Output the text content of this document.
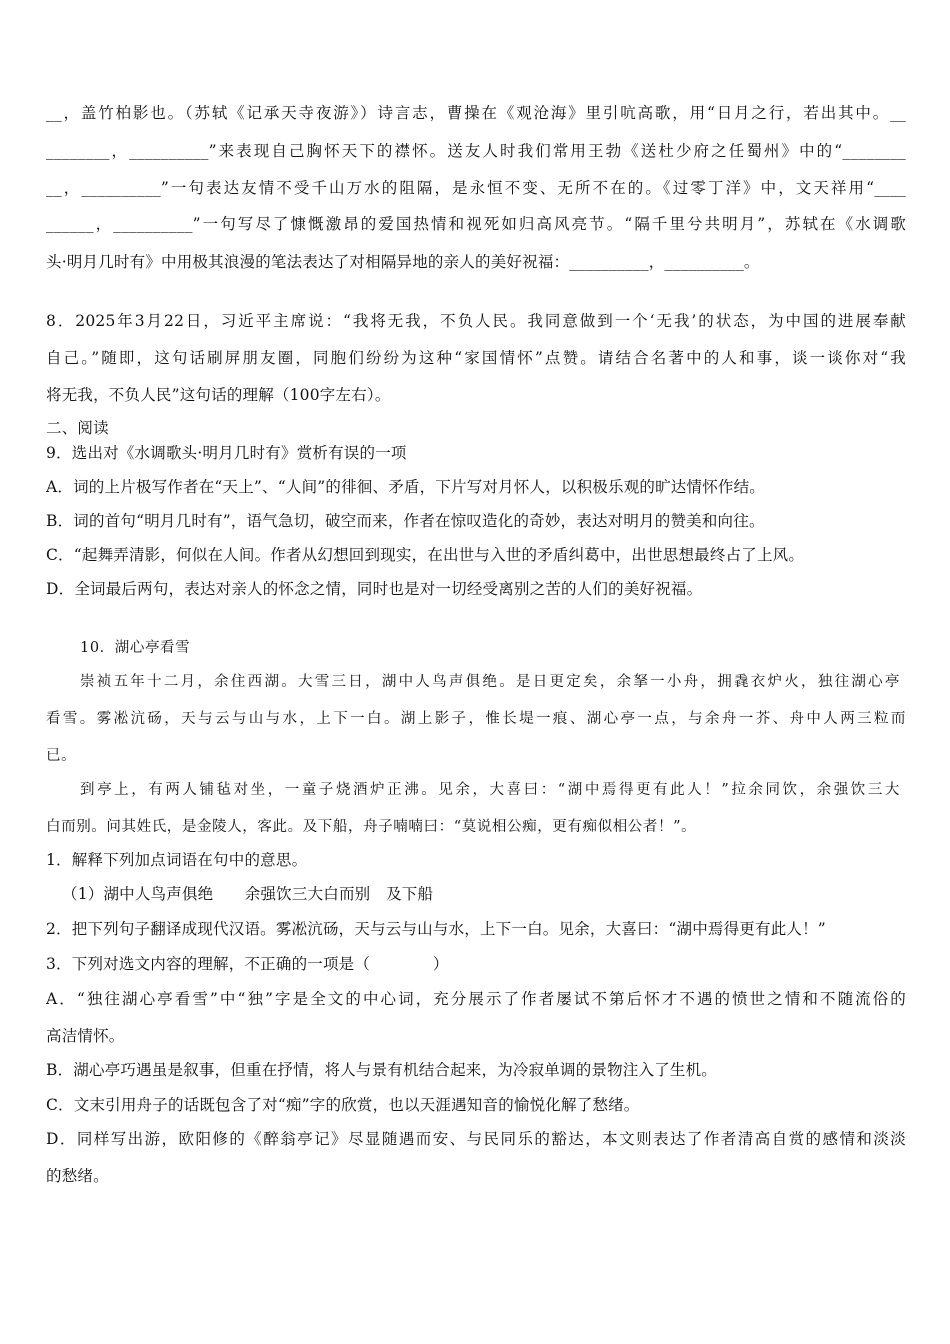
__，盖竹柏影也。（苏轼《记承天寺夜游》）诗言志，曹操在《观沧海》里引吭高歌，用“日月之行，若出其中。__
________，__________”来表现自己胸怀天下的襟怀。送友人时我们常用王勃《送杜少府之任蜀州》中的“________
__，__________”一句表达友情不受千山万水的阻隔，是永恒不变、无所不在的。《过零丁洋》中，文天祥用“____
______，__________”一句写尽了慷慨激昂的爱国热情和视死如归高风亮节。“隔千里兮共明月”，苏轼在《水调歌
头·明月几时有》中用极其浪漫的笔法表达了对相隔异地的亲人的美好祝福：__________，__________。
8．2025年3月22日，习近平主席说：“我将无我，不负人民。我同意做到一个‘无我’的状态，为中国的进展奉献
自己。”随即，这句话刷屏朋友圈，同胞们纷纷为这种“家国情怀”点赞。请结合名著中的人和事，谈一谈你对“我
将无我，不负人民”这句话的理解（100字左右）。
二、阅读
9．选出对《水调歌头·明月几时有》赏析有误的一项
A．词的上片极写作者在“天上”、“人间”的徘徊、矛盾，下片写对月怀人，以积极乐观的旷达情怀作结。
B．词的首句“明月几时有”，语气急切，破空而来，作者在惊叹造化的奇妙，表达对明月的赞美和向往。
C．“起舞弄清影，何似在人间。作者从幻想回到现实，在出世与入世的矛盾纠葛中，出世思想最终占了上风。
D．全词最后两句，表达对亲人的怀念之情，同时也是对一切经受离别之苦的人们的美好祝福。
10．湖心亭看雪
崇祯五年十二月，余住西湖。大雪三日，湖中人鸟声俱绝。是日更定矣，余拏一小舟，拥毳衣炉火，独往湖心亭
看雪。雾凇沆砀，天与云与山与水，上下一白。湖上影子，惟长堤一痕、湖心亭一点，与余舟一芥、舟中人两三粒而
已。
到亭上，有两人铺毡对坐，一童子烧酒炉正沸。见余，大喜曰：“湖中焉得更有此人！”拉余同饮，余强饮三大
白而别。问其姓氏，是金陵人，客此。及下船，舟子喃喃曰：“莫说相公痴，更有痴似相公者！”。
1．解释下列加点词语在句中的意思。
（1）湖中人鸟声俱绝　　余强饮三大白而别　及下船
2．把下列句子翻译成现代汉语。雾凇沆砀，天与云与山与水，上下一白。见余，大喜曰：“湖中焉得更有此人！”
3．下列对选文内容的理解，不正确的一项是（　　　　）
A．“独往湖心亭看雪”中“独”字是全文的中心词，充分展示了作者屡试不第后怀才不遇的愤世之情和不随流俗的
高洁情怀。
B．湖心亭巧遇虽是叙事，但重在抒情，将人与景有机结合起来，为冷寂单调的景物注入了生机。
C．文末引用舟子的话既包含了对“痴”字的欣赏，也以天涯遇知音的愉悦化解了愁绪。
D．同样写出游，欧阳修的《醉翁亭记》尽显随遇而安、与民同乐的豁达，本文则表达了作者清高自赏的感情和淡淡
的愁绪。
